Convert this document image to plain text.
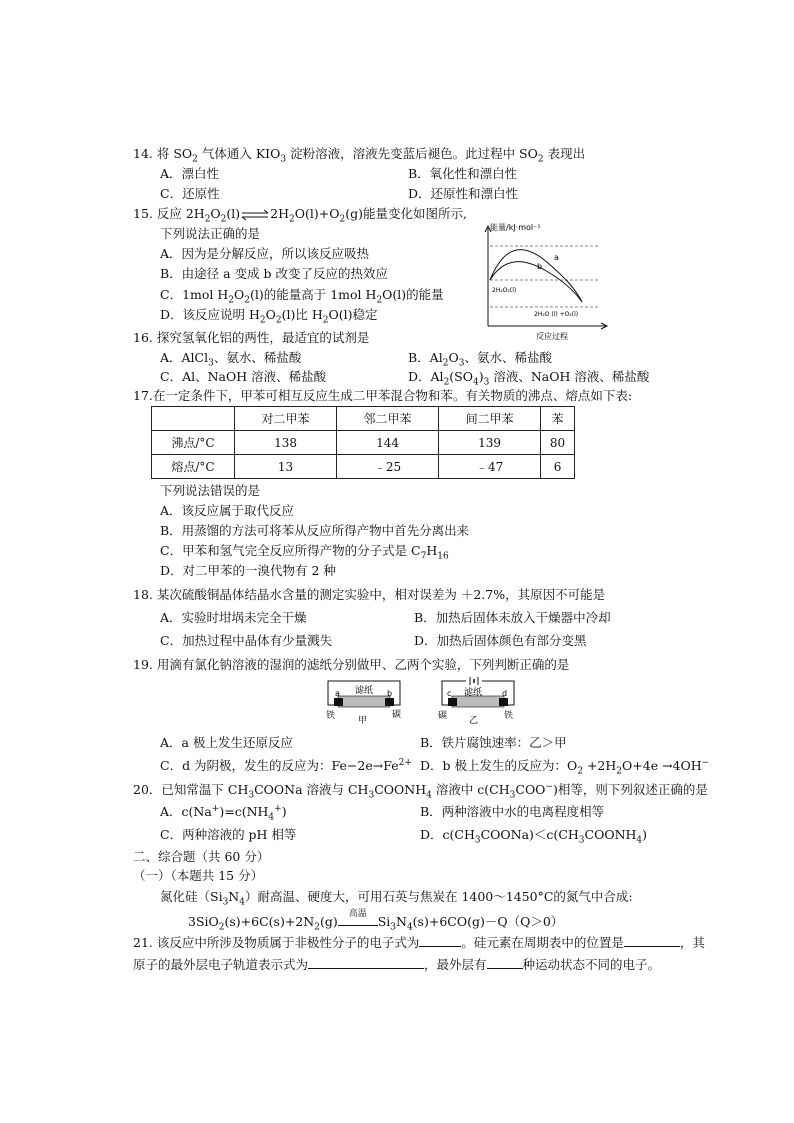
14. 将 $SO_2$ 气体通入 $KIO_3$ 淀粉溶液，溶液先变蓝后褪色。此过程中 $SO_2$ 表现出
A．漂白性	B．氧化性和漂白性
C．还原性	D．还原性和漂白性
15. 反应 $2H_2O_2(l)\rightleftharpoons 2H_2O(l)+O_2(g)$能量变化如图所示,
下列说法正确的是
A．因为是分解反应，所以该反应吸热
B．由途径 a 变成 b 改变了反应的热效应
C．1mol $H_2O_2(l)$的能量高于 1mol $H_2O(l)$的能量
D．该反应说明 $H_2O_2(l)$比 $H_2O(l)$稳定
能量/kJ·mol⁻¹
a
b
2H₂O₂(l)
2H₂O (l) +O₂(l)
反应过程
16. 探究氢氧化铝的两性，最适宜的试剂是
A．AlCl$_3$、氨水、稀盐酸	B．$Al_2O_3$、氨水、稀盐酸
C．Al、NaOH 溶液、稀盐酸	D．$Al_2(SO_4)_3$ 溶液、NaOH 溶液、稀盐酸
17.在一定条件下，甲苯可相互反应生成二甲苯混合物和苯。有关物质的沸点、熔点如下表:
	对二甲苯	邻二甲苯	间二甲苯	苯
沸点/°C	138	144	139	80
熔点/°C	13	﹣25	﹣47	6
下列说法错误的是
A．该反应属于取代反应
B．用蒸馏的方法可将苯从反应所得产物中首先分离出来
C．甲苯和氢气完全反应所得产物的分子式是 $C_7H_{16}$
D．对二甲苯的一溴代物有 2 种
18. 某次硫酸铜晶体结晶水含量的测定实验中，相对误差为 ＋2.7%，其原因不可能是
A．实验时坩埚未完全干燥	B．加热后固体未放入干燥器中冷却
C．加热过程中晶体有少量溅失	D．加热后固体颜色有部分变黑
19. 用滴有氯化钠溶液的湿润的滤纸分别做甲、乙两个实验，下列判断正确的是
滤纸
a	b
铁	碳
甲
滤纸
c	d
碳	铁
乙
A．a 极上发生还原反应	B．铁片腐蚀速率：乙＞甲
C．d 为阴极，发生的反应为：$Fe-2e\to Fe^{2+}$ D．b 极上发生的反应为：$O_2 +2H_2O+4e \to 4OH^-$
20．已知常温下 $CH_3COONa$ 溶液与 $CH_3COONH_4$ 溶液中 $c(CH_3COO^-)$相等，则下列叙述正确的是
A．$c(Na^+)=c(NH_4^+)$	B．两种溶液中水的电离程度相等
C．两种溶液的 pH 相等	D．$c(CH_3COONa)<c(CH_3COONH_4)$
二、综合题（共 60 分）
（一）（本题共 15 分）
氮化硅$(Si_3N_4)$耐高温、硬度大，可用石英与焦炭在 1400～1450°C的氮气中合成:
$3SiO_2(s)+6C(s)+2N_2(g)$	高温 $Si_3N_4(s)+6CO(g)-Q(Q>0)$
21. 该反应中所涉及物质属于非极性分子的电子式为	。硅元素在周期表中的位置是	，其
原子的最外层电子轨道表示式为	，最外层有	种运动状态不同的电子。
